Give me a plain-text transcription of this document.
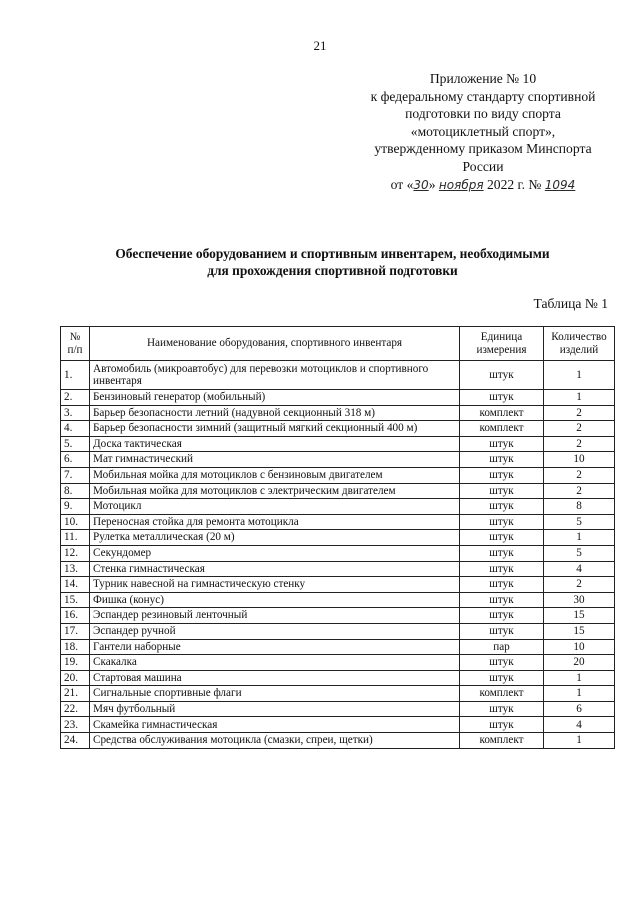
21
Приложение № 10
к федеральному стандарту спортивной
подготовки по виду спорта
«мотоциклетный спорт»,
утвержденному приказом Минспорта
России
от «30» ноября 2022 г. № 1094
Обеспечение оборудованием и спортивным инвентарем, необходимыми
для прохождения спортивной подготовки
Таблица № 1
№ п/п	Наименование оборудования, спортивного инвентаря	Единица измерения	Количество изделий
1.	Автомобиль (микроавтобус) для перевозки мотоциклов и спортивного инвентаря	штук	1
2.	Бензиновый генератор (мобильный)	штук	1
3.	Барьер безопасности летний (надувной секционный 318 м)	комплект	2
4.	Барьер безопасности зимний (защитный мягкий секционный 400 м)	комплект	2
5.	Доска тактическая	штук	2
6.	Мат гимнастический	штук	10
7.	Мобильная мойка для мотоциклов с бензиновым двигателем	штук	2
8.	Мобильная мойка для мотоциклов с электрическим двигателем	штук	2
9.	Мотоцикл	штук	8
10.	Переносная стойка для ремонта мотоцикла	штук	5
11.	Рулетка металлическая (20 м)	штук	1
12.	Секундомер	штук	5
13.	Стенка гимнастическая	штук	4
14.	Турник навесной на гимнастическую стенку	штук	2
15.	Фишка (конус)	штук	30
16.	Эспандер резиновый ленточный	штук	15
17.	Эспандер ручной	штук	15
18.	Гантели наборные	пар	10
19.	Скакалка	штук	20
20.	Стартовая машина	штук	1
21.	Сигнальные спортивные флаги	комплект	1
22.	Мяч футбольный	штук	6
23.	Скамейка гимнастическая	штук	4
24.	Средства обслуживания мотоцикла (смазки, спреи, щетки)	комплект	1
